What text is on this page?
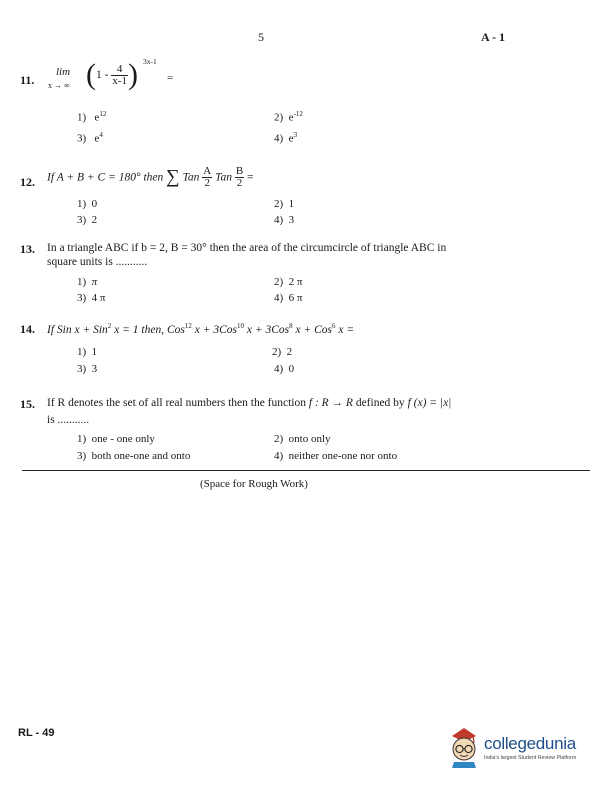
5	A - 1
11.
lim
x → ∞ ($1 - \frac{4}{x-1}$ ) 3x-1
=
1) $e^{12}$	2) $e^{-12}$
3) $e^4$	4) $e^3$
12. If A + B + C = 180° then ∑ Tan $\frac{A}{2}$ Tan $\frac{B}{2}$ =
1) 0	2) 1
3) 2	4) 3
13. In a triangle ABC if b = 2, B = 30° then the area of the circumcircle of triangle ABC in
square units is ...........
1) π	2) 2 π
3) 4 π	4) 6 π
14. If Sin x + Sin$^2$ x = 1 then, Cos$^{12}$ x + 3Cos$^{10}$ x + 3Cos$^8$ x + Cos$^6$ x =
1) 1	2) 2
3) 3	4) 0
15. If R denotes the set of all real numbers then the function f : R → R defined by f (x) = |x|
is ...........
1) one - one only	2) onto only
3) both one-one and onto	4) neither one-one nor onto
(Space for Rough Work)
RL - 49
collegedunia
India's largest Student Review Platform
